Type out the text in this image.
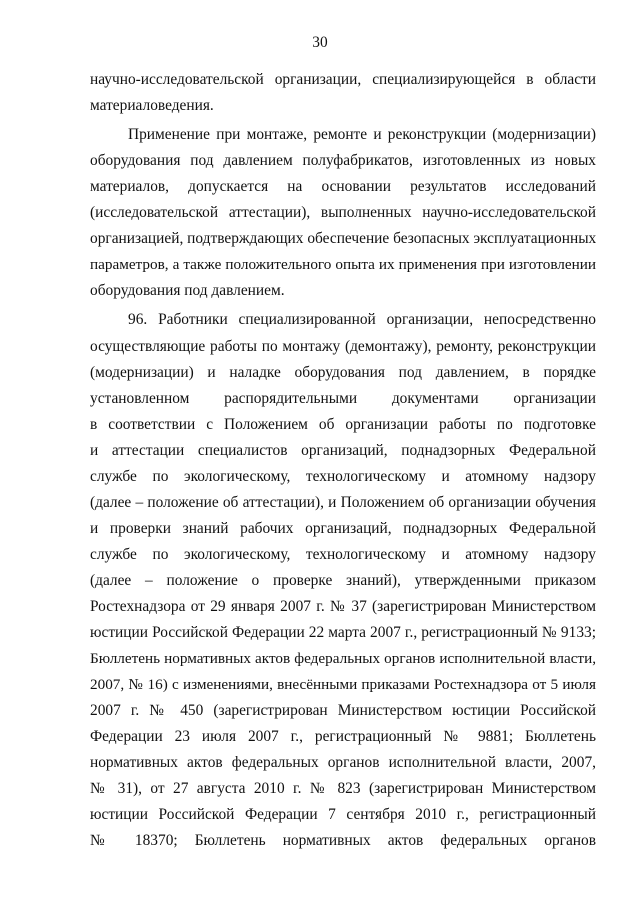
30
научно-исследовательской организации, специализирующейся в области
материаловедения.
Применение при монтаже, ремонте и реконструкции (модернизации)
оборудования под давлением полуфабрикатов, изготовленных из новых
материалов, допускается на основании результатов исследований
(исследовательской аттестации), выполненных научно-исследовательской
организацией, подтверждающих обеспечение безопасных эксплуатационных
параметров, а также положительного опыта их применения при изготовлении
оборудования под давлением.
96. Работники специализированной организации, непосредственно
осуществляющие работы по монтажу (демонтажу), ремонту, реконструкции
(модернизации) и наладке оборудования под давлением, в порядке
установленном распорядительными документами организации
в соответствии с Положением об организации работы по подготовке
и аттестации специалистов организаций, поднадзорных Федеральной
службе по экологическому, технологическому и атомному надзору
(далее – положение об аттестации), и Положением об организации обучения
и проверки знаний рабочих организаций, поднадзорных Федеральной
службе по экологическому, технологическому и атомному надзору
(далее – положение о проверке знаний), утвержденными приказом
Ростехнадзора от 29 января 2007 г. № 37 (зарегистрирован Министерством
юстиции Российской Федерации 22 марта 2007 г., регистрационный № 9133;
Бюллетень нормативных актов федеральных органов исполнительной власти,
2007, № 16) с изменениями, внесёнными приказами Ростехнадзора от 5 июля
2007 г. № 450 (зарегистрирован Министерством юстиции Российской
Федерации 23 июля 2007 г., регистрационный № 9881; Бюллетень
нормативных актов федеральных органов исполнительной власти, 2007,
№ 31), от 27 августа 2010 г. № 823 (зарегистрирован Министерством
юстиции Российской Федерации 7 сентября 2010 г., регистрационный
№ 18370; Бюллетень нормативных актов федеральных органов
